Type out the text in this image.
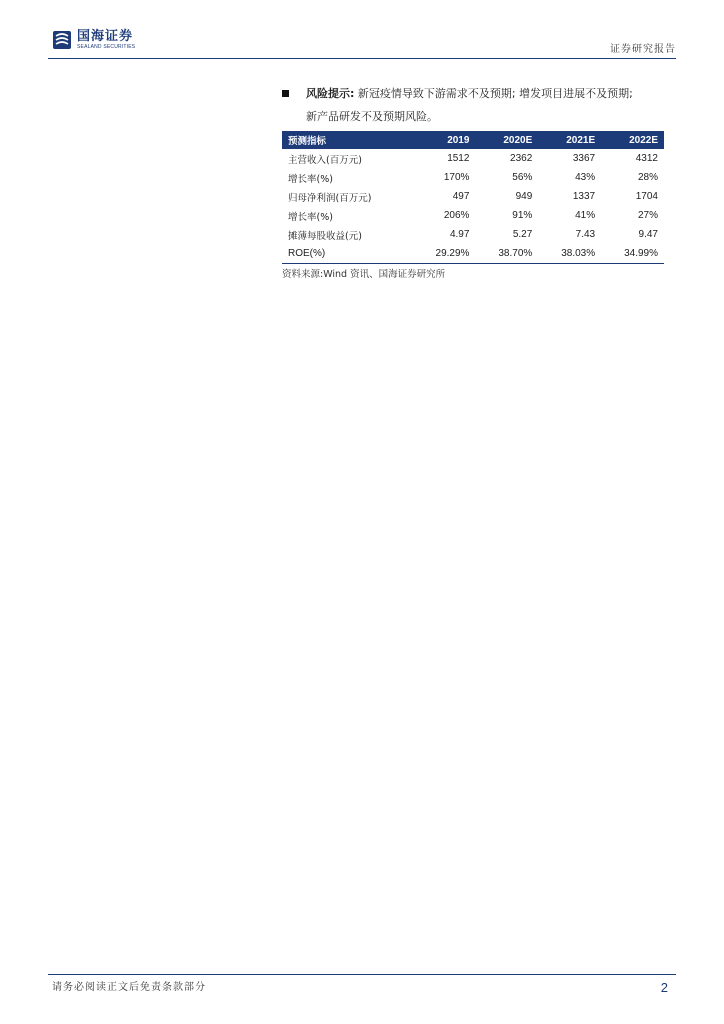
国海证券
SEALAND SECURITIES	证券研究报告
风险提示: 新冠疫情导致下游需求不及预期; 增发项目进展不及预期;
新产品研发不及预期风险。
预测指标	2019	2020E	2021E	2022E
主营收入(百万元)	1512	2362	3367	4312
增长率(%)	170%	56%	43%	28%
归母净利润(百万元)	497	949	1337	1704
增长率(%)	206%	91%	41%	27%
摊薄每股收益(元)	4.97	5.27	7.43	9.47
ROE(%)	29.29%	38.70%	38.03%	34.99%
资料来源:Wind 资讯、国海证券研究所
请务必阅读正文后免责条款部分	2
